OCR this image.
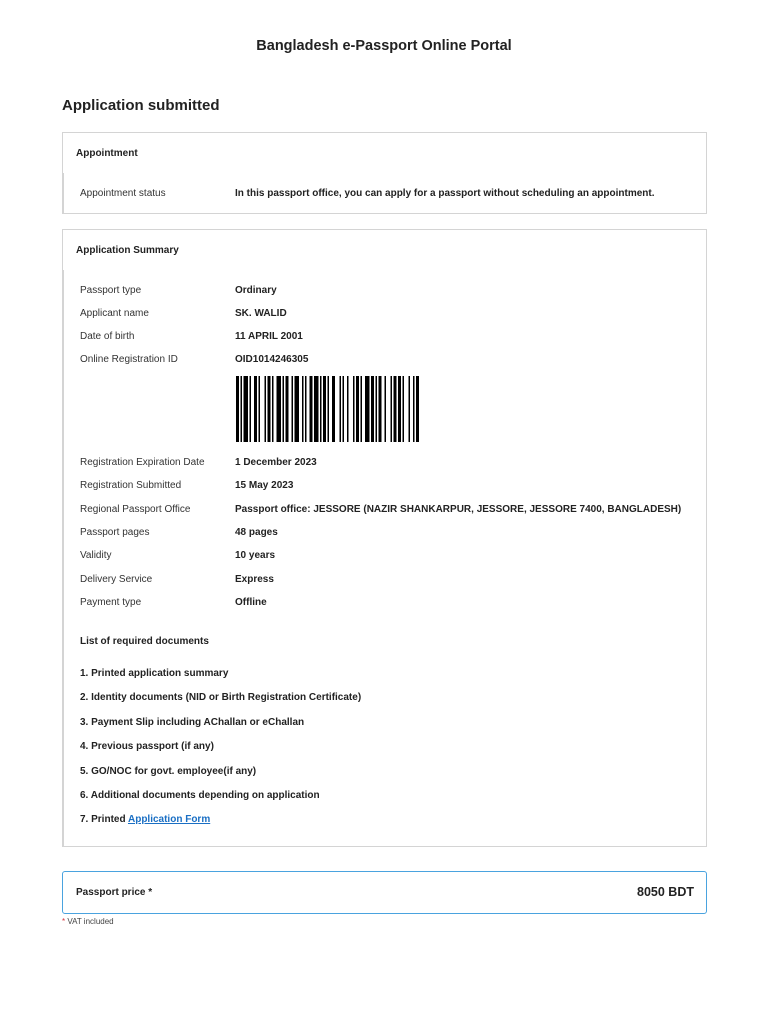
Bangladesh e-Passport Online Portal
Application submitted
Appointment
Appointment status	In this passport office, you can apply for a passport without scheduling an appointment.
Application Summary
Passport type	Ordinary
Applicant name	SK. WALID
Date of birth	11 APRIL 2001
Online Registration ID	OID1014246305
Registration Expiration Date	1 December 2023
Registration Submitted	15 May 2023
Regional Passport Office	Passport office: JESSORE (NAZIR SHANKARPUR, JESSORE, JESSORE 7400, BANGLADESH)
Passport pages	48 pages
Validity	10 years
Delivery Service	Express
Payment type	Offline
List of required documents
1. Printed application summary
2. Identity documents (NID or Birth Registration Certificate)
3. Payment Slip including AChallan or eChallan
4. Previous passport (if any)
5. GO/NOC for govt. employee(if any)
6. Additional documents depending on application
7. Printed Application Form
Passport price *	8050 BDT
* VAT included
